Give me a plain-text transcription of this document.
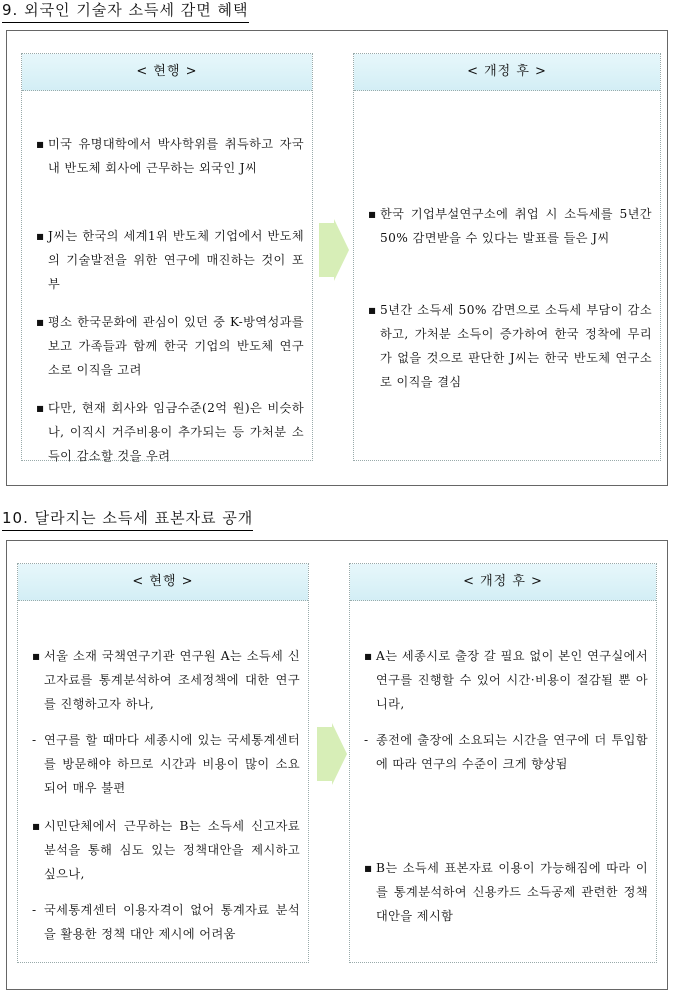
9. 외국인 기술자 소득세 감면 혜택
< 현행 >
▪ 미국 유명대학에서 박사학위를 취득하고 자국 내 반도체 회사에 근무하는 외국인 J씨
▪ J씨는 한국의 세계1위 반도체 기업에서 반도체의 기술발전을 위한 연구에 매진하는 것이 포부
▪ 평소 한국문화에 관심이 있던 중 K-방역성과를 보고 가족들과 함께 한국 기업의 반도체 연구소로 이직을 고려
▪ 다만, 현재 회사와 임금수준(2억 원)은 비슷하나, 이직시 거주비용이 추가되는 등 가처분 소득이 감소할 것을 우려
< 개정 후 >
▪ 한국 기업부설연구소에 취업 시 소득세를 5년간 50% 감면받을 수 있다는 발표를 들은 J씨
▪ 5년간 소득세 50% 감면으로 소득세 부담이 감소하고, 가처분 소득이 증가하여 한국 정착에 무리가 없을 것으로 판단한 J씨는 한국 반도체 연구소로 이직을 결심
10. 달라지는 소득세 표본자료 공개
< 현행 >
▪ 서울 소재 국책연구기관 연구원 A는 소득세 신고자료를 통계분석하여 조세정책에 대한 연구를 진행하고자 하나,
- 연구를 할 때마다 세종시에 있는 국세통계센터를 방문해야 하므로 시간과 비용이 많이 소요되어 매우 불편
▪ 시민단체에서 근무하는 B는 소득세 신고자료 분석을 통해 심도 있는 정책대안을 제시하고 싶으나,
- 국세통계센터 이용자격이 없어 통계자료 분석을 활용한 정책 대안 제시에 어려움
< 개정 후 >
▪ A는 세종시로 출장 갈 필요 없이 본인 연구실에서 연구를 진행할 수 있어 시간·비용이 절감될 뿐 아니라,
- 종전에 출장에 소요되는 시간을 연구에 더 투입함에 따라 연구의 수준이 크게 향상됨
▪ B는 소득세 표본자료 이용이 가능해짐에 따라 이를 통계분석하여 신용카드 소득공제 관련한 정책대안을 제시함
